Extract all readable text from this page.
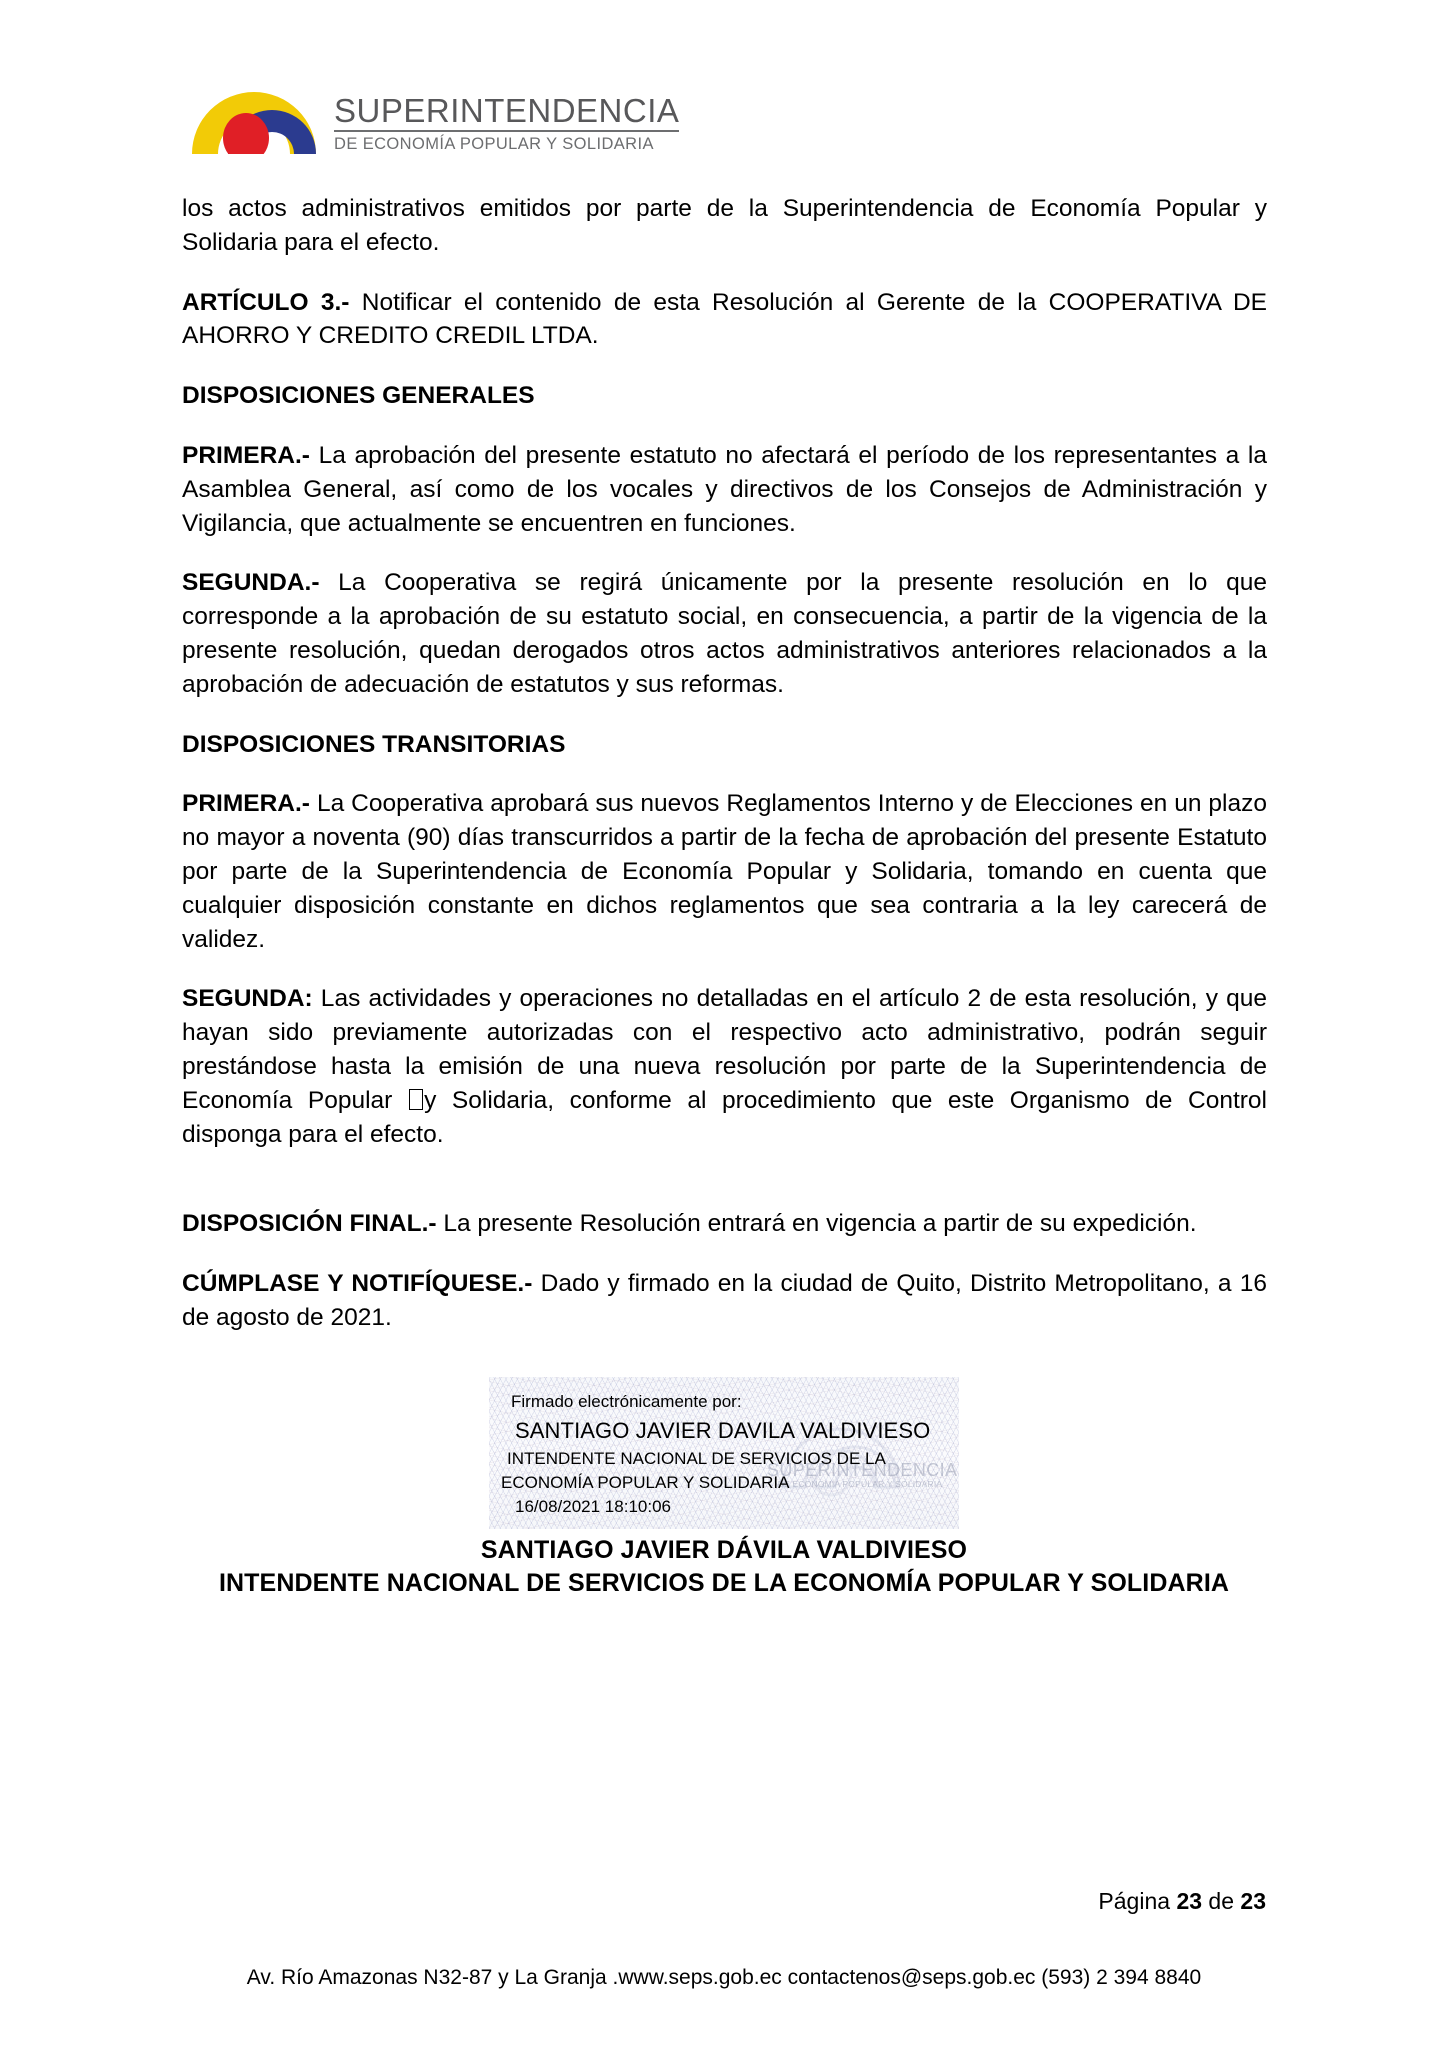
SUPERINTENDENCIA
DE ECONOMÍA POPULAR Y SOLIDARIA

los actos administrativos emitidos por parte de la Superintendencia de Economía Popular y Solidaria para el efecto.

ARTÍCULO 3.- Notificar el contenido de esta Resolución al Gerente de la COOPERATIVA DE AHORRO Y CREDITO CREDIL LTDA.

DISPOSICIONES GENERALES

PRIMERA.- La aprobación del presente estatuto no afectará el período de los representantes a la Asamblea General, así como de los vocales y directivos de los Consejos de Administración y Vigilancia, que actualmente se encuentren en funciones.

SEGUNDA.- La Cooperativa se regirá únicamente por la presente resolución en lo que corresponde a la aprobación de su estatuto social, en consecuencia, a partir de la vigencia de la presente resolución, quedan derogados otros actos administrativos anteriores relacionados a la aprobación de adecuación de estatutos y sus reformas.

DISPOSICIONES TRANSITORIAS

PRIMERA.- La Cooperativa aprobará sus nuevos Reglamentos Interno y de Elecciones en un plazo no mayor a noventa (90) días transcurridos a partir de la fecha de aprobación del presente Estatuto por parte de la Superintendencia de Economía Popular y Solidaria, tomando en cuenta que cualquier disposición constante en dichos reglamentos que sea contraria a la ley carecerá de validez.

SEGUNDA: Las actividades y operaciones no detalladas en el artículo 2 de esta resolución, y que hayan sido previamente autorizadas con el respectivo acto administrativo, podrán seguir prestándose hasta la emisión de una nueva resolución por parte de la Superintendencia de Economía Popular y Solidaria, conforme al procedimiento que este Organismo de Control disponga para el efecto.

DISPOSICIÓN FINAL.- La presente Resolución entrará en vigencia a partir de su expedición.

CÚMPLASE Y NOTIFÍQUESE.- Dado y firmado en la ciudad de Quito, Distrito Metropolitano, a 16 de agosto de 2021.

SUPERINTENDENCIA
DE ECONOMÍA POPULAR Y SOLIDARIA
Firmado electrónicamente por:
SANTIAGO JAVIER DAVILA VALDIVIESO
INTENDENTE NACIONAL DE SERVICIOS DE LA
ECONOMÍA POPULAR Y SOLIDARIA
16/08/2021 18:10:06
SANTIAGO JAVIER DÁVILA VALDIVIESO
INTENDENTE NACIONAL DE SERVICIOS DE LA ECONOMÍA POPULAR Y SOLIDARIA
Página 23 de 23
Av. Río Amazonas N32-87 y La Granja .www.seps.gob.ec contactenos@seps.gob.ec (593) 2 394 8840
